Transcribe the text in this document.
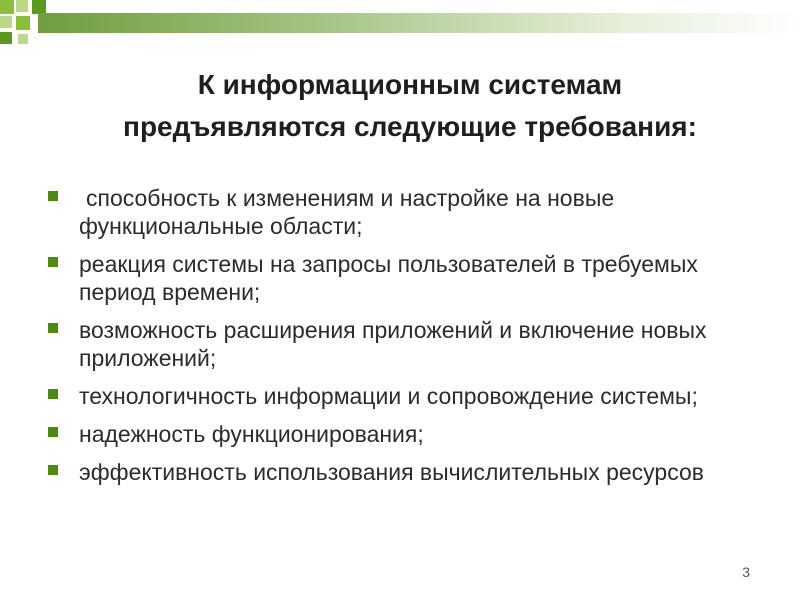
К информационным системам
предъявляются следующие требования:
способность к изменениям и настройке на новые функциональные области;
реакция системы на запросы пользователей в требуемых период времени;
возможность расширения приложений и включение новых приложений;
технологичность информации и сопровождение системы;
надежность функционирования;
эффективность использования вычислительных ресурсов
3
